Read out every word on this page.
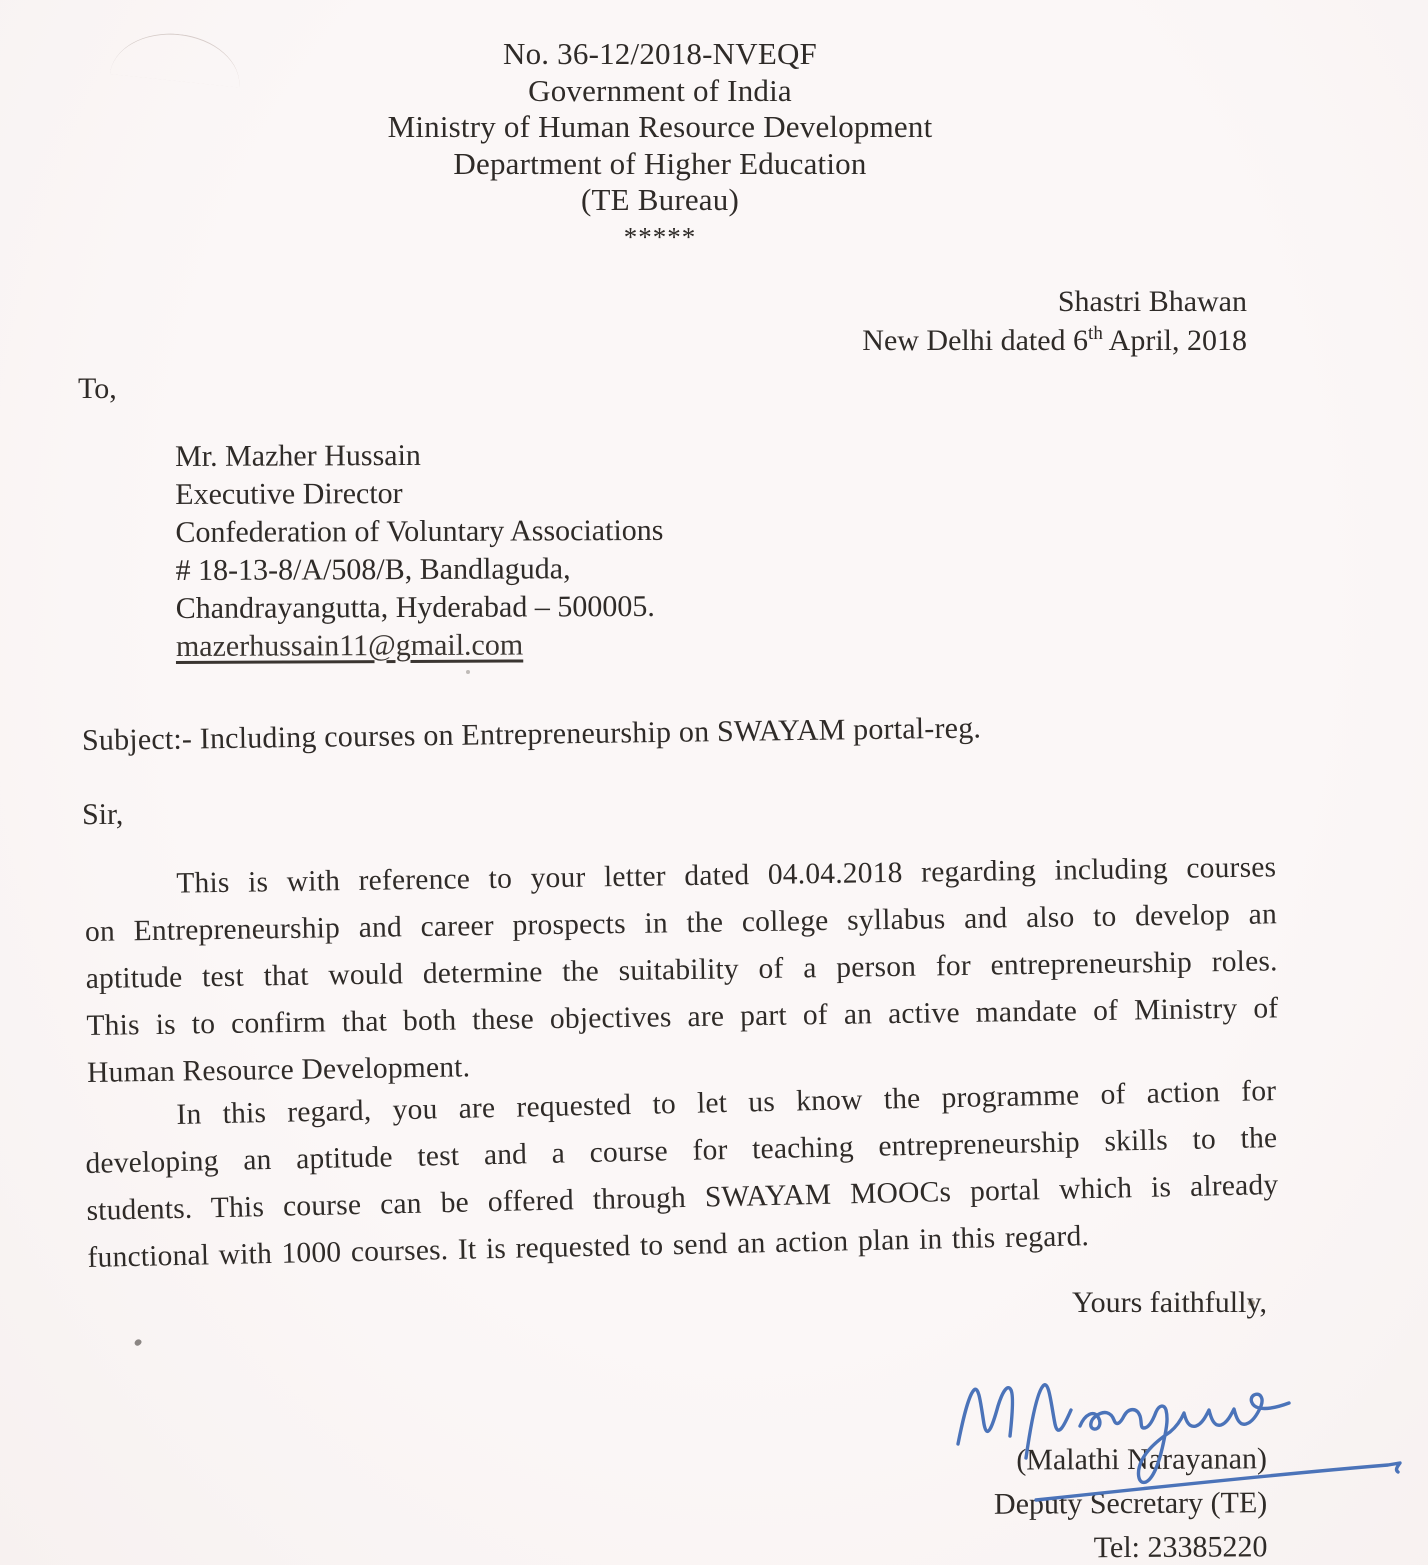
No. 36-12/2018-NVEQF
Government of India
Ministry of Human Resource Development
Department of Higher Education
(TE Bureau)
*****
Shastri Bhawan
New Delhi dated 6th April, 2018
To,
Mr. Mazher Hussain
Executive Director
Confederation of Voluntary Associations
# 18-13-8/A/508/B, Bandlaguda,
Chandrayangutta, Hyderabad – 500005.
mazerhussain11@gmail.com
Subject:- Including courses on Entrepreneurship on SWAYAM portal-reg.
Sir,
This is with reference to your letter dated 04.04.2018 regarding including courses
on Entrepreneurship and career prospects in the college syllabus and also to develop an
aptitude test that would determine the suitability of a person for entrepreneurship roles.
This is to confirm that both these objectives are part of an active mandate of Ministry of
Human Resource Development.
In this regard, you are requested to let us know the programme of action for
developing an aptitude test and a course for teaching entrepreneurship skills to the
students. This course can be offered through SWAYAM MOOCs portal which is already
functional with 1000 courses. It is requested to send an action plan in this regard.
Yours faithfully,
(Malathi Narayanan)
Deputy Secretary (TE)
Tel: 23385220
